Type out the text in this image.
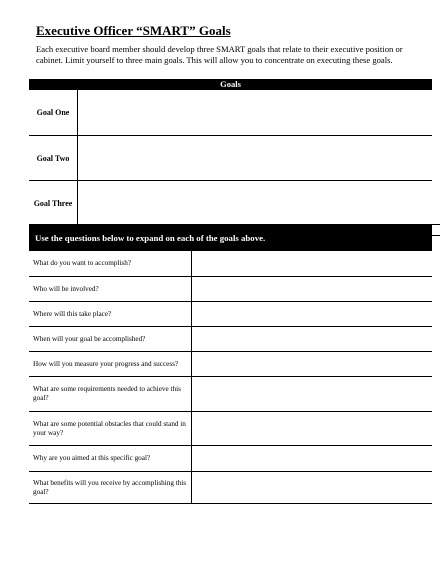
Executive Officer “SMART” Goals

Each executive board member should develop three SMART goals that relate to their executive position or cabinet. Limit yourself to three main goals. This will allow you to concentrate on executing these goals.

Goals
Goal One
Goal Two
Goal Three
Use the questions below to expand on each of the goals above.
What do you want to accomplish?
Who will be involved?
Where will this take place?
When will your goal be accomplished?
How will you measure your progress and success?
What are some requirements needed to achieve this goal?
What are some potential obstacles that could stand in your way?
Why are you aimed at this specific goal?
What benefits will you receive by accomplishing this goal?
